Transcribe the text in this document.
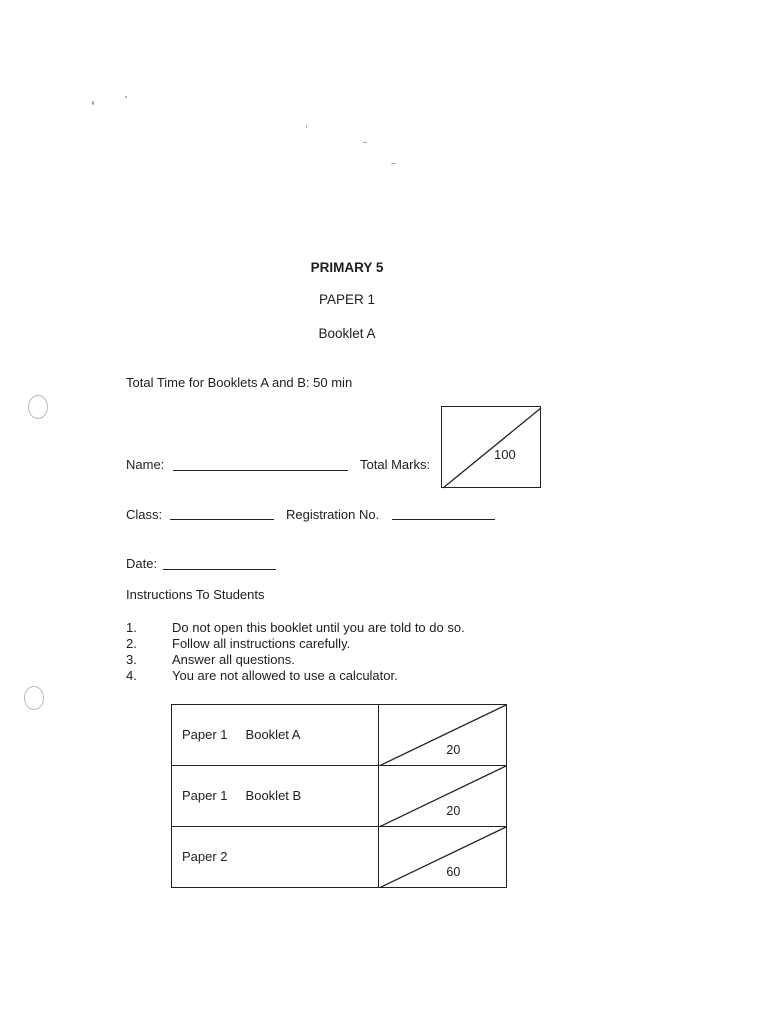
PRIMARY 5
PAPER 1
Booklet A
Total Time for Booklets A and B: 50 min
Name:	Total Marks:
100
Class:	Registration No.
Date:
Instructions To Students
1.	Do not open this booklet until you are told to do so.
2.	Follow all instructions carefully.
3.	Answer all questions.
4.	You are not allowed to use a calculator.
Paper 1 Booklet A	20

Paper 1 Booklet B	20

Paper 2	60
